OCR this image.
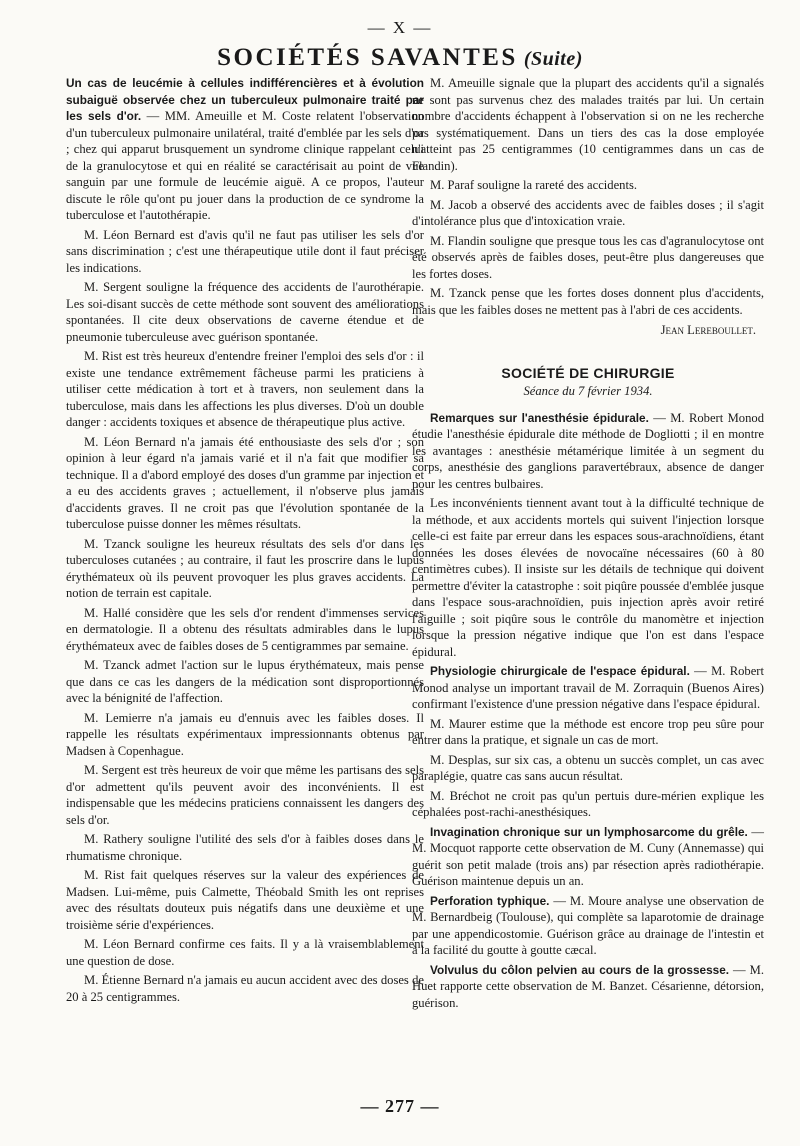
— X —
SOCIÉTÉS SAVANTES (Suite)

Un cas de leucémie à cellules indifférencières et à évolution subaiguë observée chez un tuberculeux pulmonaire traité par les sels d'or. — MM. Ameuille et M. Coste relatent l'observation d'un tuberculeux pulmonaire unilatéral, traité d'emblée par les sels d'or ; chez qui apparut brusquement un syndrome clinique rappelant celui de la granulocytose et qui en réalité se caractérisait au point de vue sanguin par une formule de leucémie aiguë. A ce propos, l'auteur discute le rôle qu'ont pu jouer dans la production de ce syndrome la tuberculose et l'autothérapie.

M. Léon Bernard est d'avis qu'il ne faut pas utiliser les sels d'or sans discrimination ; c'est une thérapeutique utile dont il faut préciser les indications.

M. Sergent souligne la fréquence des accidents de l'aurothérapie. Les soi-disant succès de cette méthode sont souvent des améliorations spontanées. Il cite deux observations de caverne étendue et de pneumonie tuberculeuse avec guérison spontanée.

M. Rist est très heureux d'entendre freiner l'emploi des sels d'or : il existe une tendance extrêmement fâcheuse parmi les praticiens à utiliser cette médication à tort et à travers, non seulement dans la tuberculose, mais dans les affections les plus diverses. D'où un double danger : accidents toxiques et absence de thérapeutique plus active.

M. Léon Bernard n'a jamais été enthousiaste des sels d'or ; son opinion à leur égard n'a jamais varié et il n'a fait que modifier sa technique. Il a d'abord employé des doses d'un gramme par injection et a eu des accidents graves ; actuellement, il n'observe plus jamais d'accidents graves. Il ne croit pas que l'évolution spontanée de la tuberculose puisse donner les mêmes résultats.

M. Tzanck souligne les heureux résultats des sels d'or dans les tuberculoses cutanées ; au contraire, il faut les proscrire dans le lupus érythémateux où ils peuvent provoquer les plus graves accidents. La notion de terrain est capitale.

M. Hallé considère que les sels d'or rendent d'immenses services en dermatologie. Il a obtenu des résultats admirables dans le lupus érythémateux avec de faibles doses de 5 centigrammes par semaine.

M. Tzanck admet l'action sur le lupus érythémateux, mais pense que dans ce cas les dangers de la médication sont disproportionnés avec la bénignité de l'affection.

M. Lemierre n'a jamais eu d'ennuis avec les faibles doses. Il rappelle les résultats expérimentaux impressionnants obtenus par Madsen à Copenhague.

M. Sergent est très heureux de voir que même les partisans des sels d'or admettent qu'ils peuvent avoir des inconvénients. Il est indispensable que les médecins praticiens connaissent les dangers des sels d'or.

M. Rathery souligne l'utilité des sels d'or à faibles doses dans le rhumatisme chronique.

M. Rist fait quelques réserves sur la valeur des expériences de Madsen. Lui-même, puis Calmette, Théobald Smith les ont reprises avec des résultats douteux puis négatifs dans une deuxième et une troisième série d'expériences.

M. Léon Bernard confirme ces faits. Il y a là vraisemblablement une question de dose.

M. Étienne Bernard n'a jamais eu aucun accident avec des doses de 20 à 25 centigrammes.

M. Ameuille signale que la plupart des accidents qu'il a signalés ne sont pas survenus chez des malades traités par lui. Un certain nombre d'accidents échappent à l'observation si on ne les recherche pas systématiquement. Dans un tiers des cas la dose employée n'atteint pas 25 centigrammes (10 centigrammes dans un cas de Flandin).

M. Paraf souligne la rareté des accidents.

M. Jacob a observé des accidents avec de faibles doses ; il s'agit d'intolérance plus que d'intoxication vraie.

M. Flandin souligne que presque tous les cas d'agranulocytose ont été observés après de faibles doses, peut-être plus dangereuses que les fortes doses.

M. Tzanck pense que les fortes doses donnent plus d'accidents, mais que les faibles doses ne mettent pas à l'abri de ces accidents.

Jean Lereboullet.
SOCIÉTÉ DE CHIRURGIE
Séance du 7 février 1934.

Remarques sur l'anesthésie épidurale. — M. Robert Monod étudie l'anesthésie épidurale dite méthode de Dogliotti ; il en montre les avantages : anesthésie métamérique limitée à un segment du corps, anesthésie des ganglions paravertébraux, absence de danger pour les centres bulbaires.

Les inconvénients tiennent avant tout à la difficulté technique de la méthode, et aux accidents mortels qui suivent l'injection lorsque celle-ci est faite par erreur dans les espaces sous-arachnoïdiens, étant données les doses élevées de novocaïne nécessaires (60 à 80 centimètres cubes). Il insiste sur les détails de technique qui doivent permettre d'éviter la catastrophe : soit piqûre poussée d'emblée jusque dans l'espace sous-arachnoïdien, puis injection après avoir retiré l'aiguille ; soit piqûre sous le contrôle du manomètre et injection lorsque la pression négative indique que l'on est dans l'espace épidural.

Physiologie chirurgicale de l'espace épidural. — M. Robert Monod analyse un important travail de M. Zorraquin (Buenos Aires) confirmant l'existence d'une pression négative dans l'espace épidural.

M. Maurer estime que la méthode est encore trop peu sûre pour entrer dans la pratique, et signale un cas de mort.

M. Desplas, sur six cas, a obtenu un succès complet, un cas avec paraplégie, quatre cas sans aucun résultat.

M. Bréchot ne croit pas qu'un pertuis dure-mérien explique les céphalées post-rachi-anesthésiques.

Invagination chronique sur un lymphosarcome du grêle. — M. Mocquot rapporte cette observation de M. Cuny (Annemasse) qui guérit son petit malade (trois ans) par résection après radiothérapie. Guérison maintenue depuis un an.

Perforation typhique. — M. Moure analyse une observation de M. Bernardbeig (Toulouse), qui complète sa laparotomie de drainage par une appendicostomie. Guérison grâce au drainage de l'intestin et à la facilité du goutte à goutte cæcal.

Volvulus du côlon pelvien au cours de la grossesse. — M. Huet rapporte cette observation de M. Banzet. Césarienne, détorsion, guérison.

— 277 —
